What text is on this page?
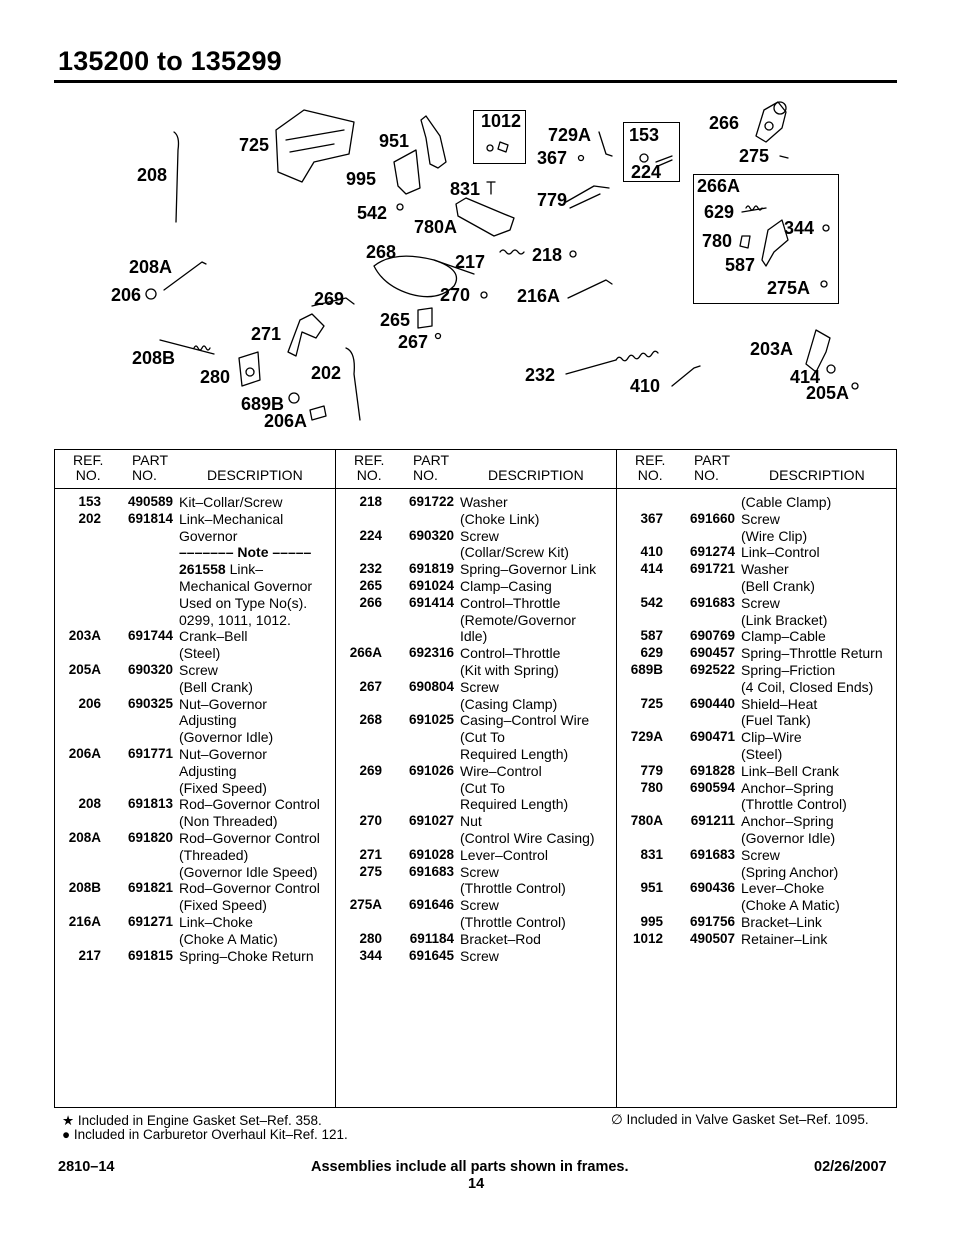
135200 to 135299
208
725	951
995
542
831
780A
779
1012
729A
367
153
224
266
275
266A
629
344
780
587
275A
268	217	218
270	216A
208A
206	269
265
267
271
208B
280	202	232
410
203A
414
205A
689B
206A
REF.
NO.
PART
NO.	DESCRIPTION
153	490589 Kit–Collar/Screw
202	691814 Link–Mechanical
Governor
––––––– Note –––––
261558 Link–
Mechanical Governor
Used on Type No(s).
0299, 1011, 1012.
203A	691744 Crank–Bell
(Steel)
205A	690320 Screw
(Bell Crank)
206	690325 Nut–Governor
Adjusting
(Governor Idle)
206A	691771 Nut–Governor
Adjusting
(Fixed Speed)
208	691813 Rod–Governor Control
(Non Threaded)
208A	691820 Rod–Governor Control
(Threaded)
(Governor Idle Speed)
208B	691821 Rod–Governor Control
(Fixed Speed)
216A	691271 Link–Choke
(Choke A Matic)
217	691815 Spring–Choke Return
REF.
NO.
PART
NO.	DESCRIPTION
218	691722 Washer
(Choke Link)
224	690320 Screw
(Collar/Screw Kit)
232	691819 Spring–Governor Link
265	691024 Clamp–Casing
266	691414 Control–Throttle
(Remote/Governor
Idle)
266A	692316 Control–Throttle
(Kit with Spring)
267	690804 Screw
(Casing Clamp)
268	691025 Casing–Control Wire
(Cut To
Required Length)
269	691026 Wire–Control
(Cut To
Required Length)
270	691027 Nut
(Control Wire Casing)
271	691028 Lever–Control
275	691683 Screw
(Throttle Control)
275A	691646 Screw
(Throttle Control)
280	691184 Bracket–Rod
344	691645 Screw
REF.
NO.
PART
NO.	DESCRIPTION
(Cable Clamp)
367	691660 Screw
(Wire Clip)
410	691274 Link–Control
414	691721 Washer
(Bell Crank)
542	691683 Screw
(Link Bracket)
587	690769 Clamp–Cable
629	690457 Spring–Throttle Return
689B	692522 Spring–Friction
(4 Coil, Closed Ends)
725	690440 Shield–Heat
(Fuel Tank)
729A	690471 Clip–Wire
(Steel)
779	691828 Link–Bell Crank
780	690594 Anchor–Spring
(Throttle Control)
780A	691211 Anchor–Spring
(Governor Idle)
831	691683 Screw
(Spring Anchor)
951	690436 Lever–Choke
(Choke A Matic)
995	691756 Bracket–Link
1012	490507 Retainer–Link
★ Included in Engine Gasket Set–Ref. 358.
● Included in Carburetor Overhaul Kit–Ref. 121.
∅ Included in Valve Gasket Set–Ref. 1095.
2810–14	Assemblies include all parts shown in frames.
14
02/26/2007
